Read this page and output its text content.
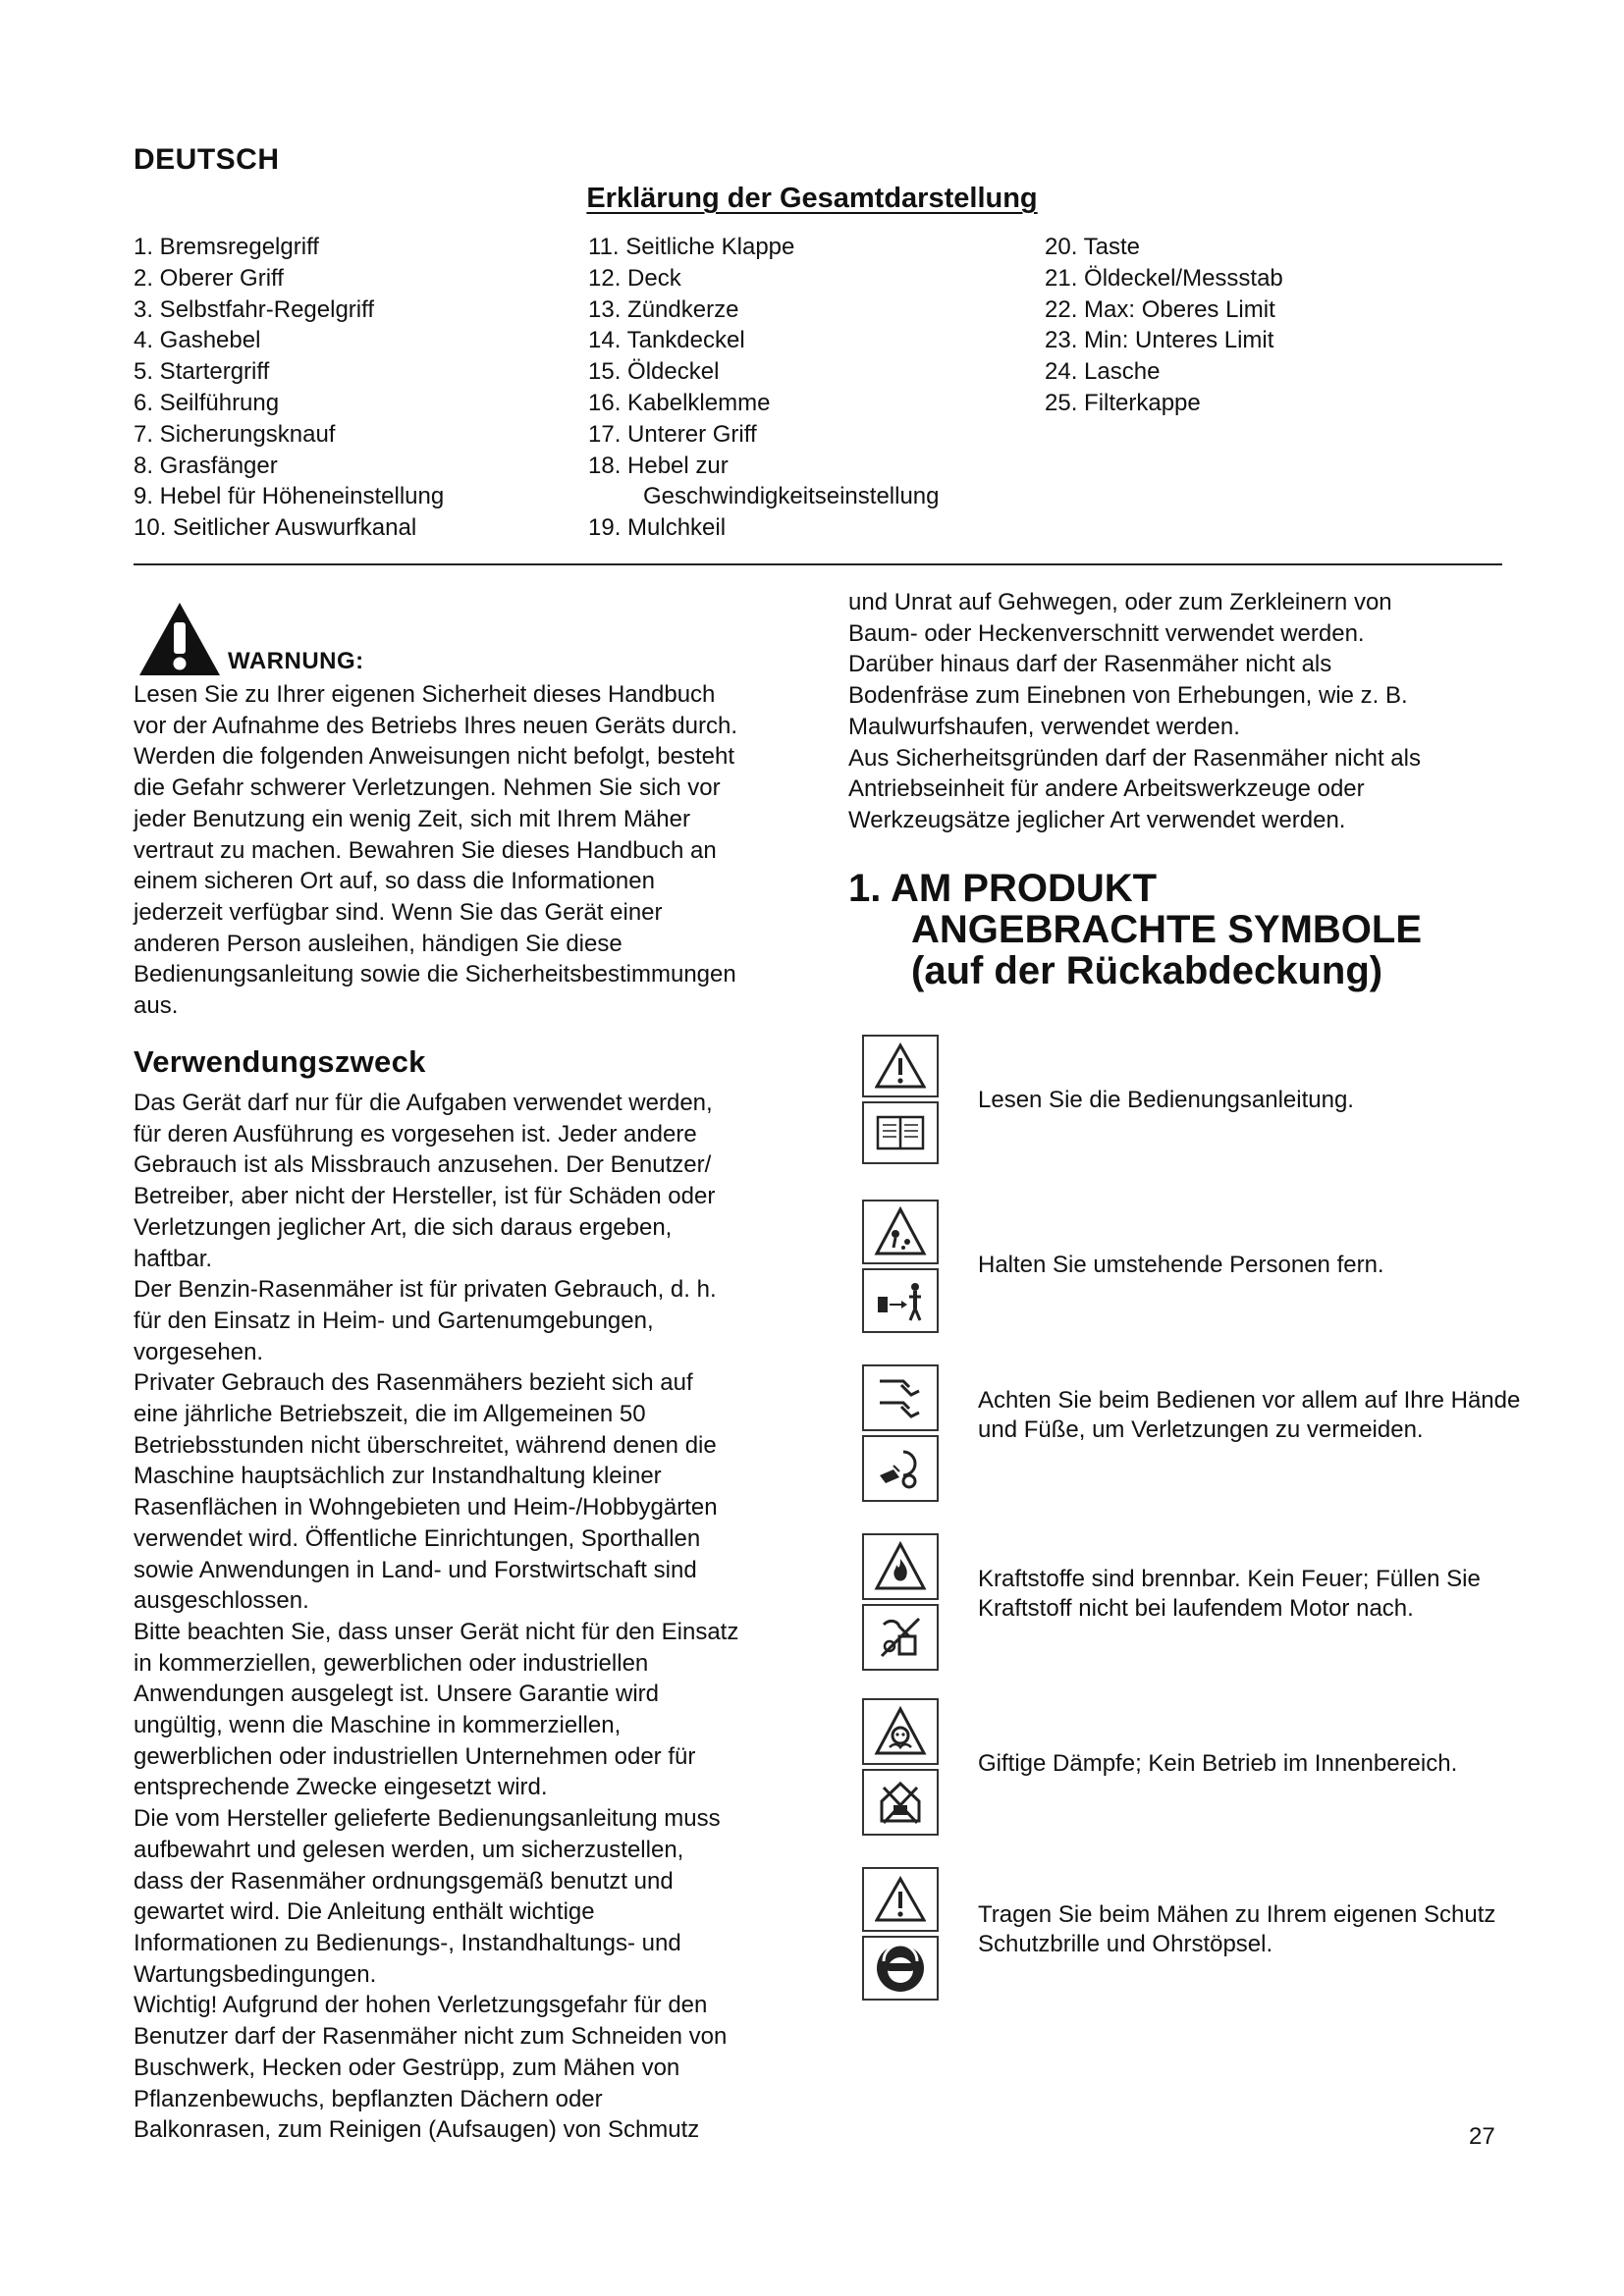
DEUTSCH
Erklärung der Gesamtdarstellung
1. Bremsregelgriff
2. Oberer Griff
3. Selbstfahr-Regelgriff
4. Gashebel
5. Startergriff
6. Seilführung
7. Sicherungsknauf
8. Grasfänger
9. Hebel für Höheneinstellung
10. Seitlicher Auswurfkanal
11. Seitliche Klappe
12. Deck
13. Zündkerze
14. Tankdeckel
15. Öldeckel
16. Kabelklemme
17. Unterer Griff
18. Hebel zur
Geschwindigkeitseinstellung
19. Mulchkeil
20. Taste
21. Öldeckel/Messstab
22. Max: Oberes Limit
23. Min: Unteres Limit
24. Lasche
25. Filterkappe
WARNUNG:

Lesen Sie zu Ihrer eigenen Sicherheit dieses Handbuch

vor der Aufnahme des Betriebs Ihres neuen Geräts durch.

Werden die folgenden Anweisungen nicht befolgt, besteht

die Gefahr schwerer Verletzungen. Nehmen Sie sich vor

jeder Benutzung ein wenig Zeit, sich mit Ihrem Mäher

vertraut zu machen. Bewahren Sie dieses Handbuch an

einem sicheren Ort auf, so dass die Informationen

jederzeit verfügbar sind. Wenn Sie das Gerät einer

anderen Person ausleihen, händigen Sie diese

Bedienungsanleitung sowie die Sicherheitsbestimmungen

aus.

Verwendungszweck

Das Gerät darf nur für die Aufgaben verwendet werden,

für deren Ausführung es vorgesehen ist. Jeder andere

Gebrauch ist als Missbrauch anzusehen. Der Benutzer/

Betreiber, aber nicht der Hersteller, ist für Schäden oder

Verletzungen jeglicher Art, die sich daraus ergeben,

haftbar.

Der Benzin-Rasenmäher ist für privaten Gebrauch, d. h.

für den Einsatz in Heim- und Gartenumgebungen,

vorgesehen.

Privater Gebrauch des Rasenmähers bezieht sich auf

eine jährliche Betriebszeit, die im Allgemeinen 50

Betriebsstunden nicht überschreitet, während denen die

Maschine hauptsächlich zur Instandhaltung kleiner

Rasenflächen in Wohngebieten und Heim-/Hobbygärten

verwendet wird. Öffentliche Einrichtungen, Sporthallen

sowie Anwendungen in Land- und Forstwirtschaft sind

ausgeschlossen.

Bitte beachten Sie, dass unser Gerät nicht für den Einsatz

in kommerziellen, gewerblichen oder industriellen

Anwendungen ausgelegt ist. Unsere Garantie wird

ungültig, wenn die Maschine in kommerziellen,

gewerblichen oder industriellen Unternehmen oder für

entsprechende Zwecke eingesetzt wird.

Die vom Hersteller gelieferte Bedienungsanleitung muss

aufbewahrt und gelesen werden, um sicherzustellen,

dass der Rasenmäher ordnungsgemäß benutzt und

gewartet wird. Die Anleitung enthält wichtige

Informationen zu Bedienungs-, Instandhaltungs- und

Wartungsbedingungen.

Wichtig! Aufgrund der hohen Verletzungsgefahr für den

Benutzer darf der Rasenmäher nicht zum Schneiden von

Buschwerk, Hecken oder Gestrüpp, zum Mähen von

Pflanzenbewuchs, bepflanzten Dächern oder

Balkonrasen, zum Reinigen (Aufsaugen) von Schmutz

und Unrat auf Gehwegen, oder zum Zerkleinern von

Baum- oder Heckenverschnitt verwendet werden.

Darüber hinaus darf der Rasenmäher nicht als

Bodenfräse zum Einebnen von Erhebungen, wie z. B.

Maulwurfshaufen, verwendet werden.

Aus Sicherheitsgründen darf der Rasenmäher nicht als

Antriebseinheit für andere Arbeitswerkzeuge oder

Werkzeugsätze jeglicher Art verwendet werden.

1. AM PRODUKT
ANGEBRACHTE SYMBOLE
(auf der Rückabdeckung)
Lesen Sie die Bedienungsanleitung.
Halten Sie umstehende Personen fern.
Achten Sie beim Bedienen vor allem auf Ihre Hände und Füße, um Verletzungen zu vermeiden.
Kraftstoffe sind brennbar. Kein Feuer; Füllen Sie Kraftstoff nicht bei laufendem Motor nach.
Giftige Dämpfe; Kein Betrieb im Innenbereich.
Tragen Sie beim Mähen zu Ihrem eigenen Schutz Schutzbrille und Ohrstöpsel.
27
